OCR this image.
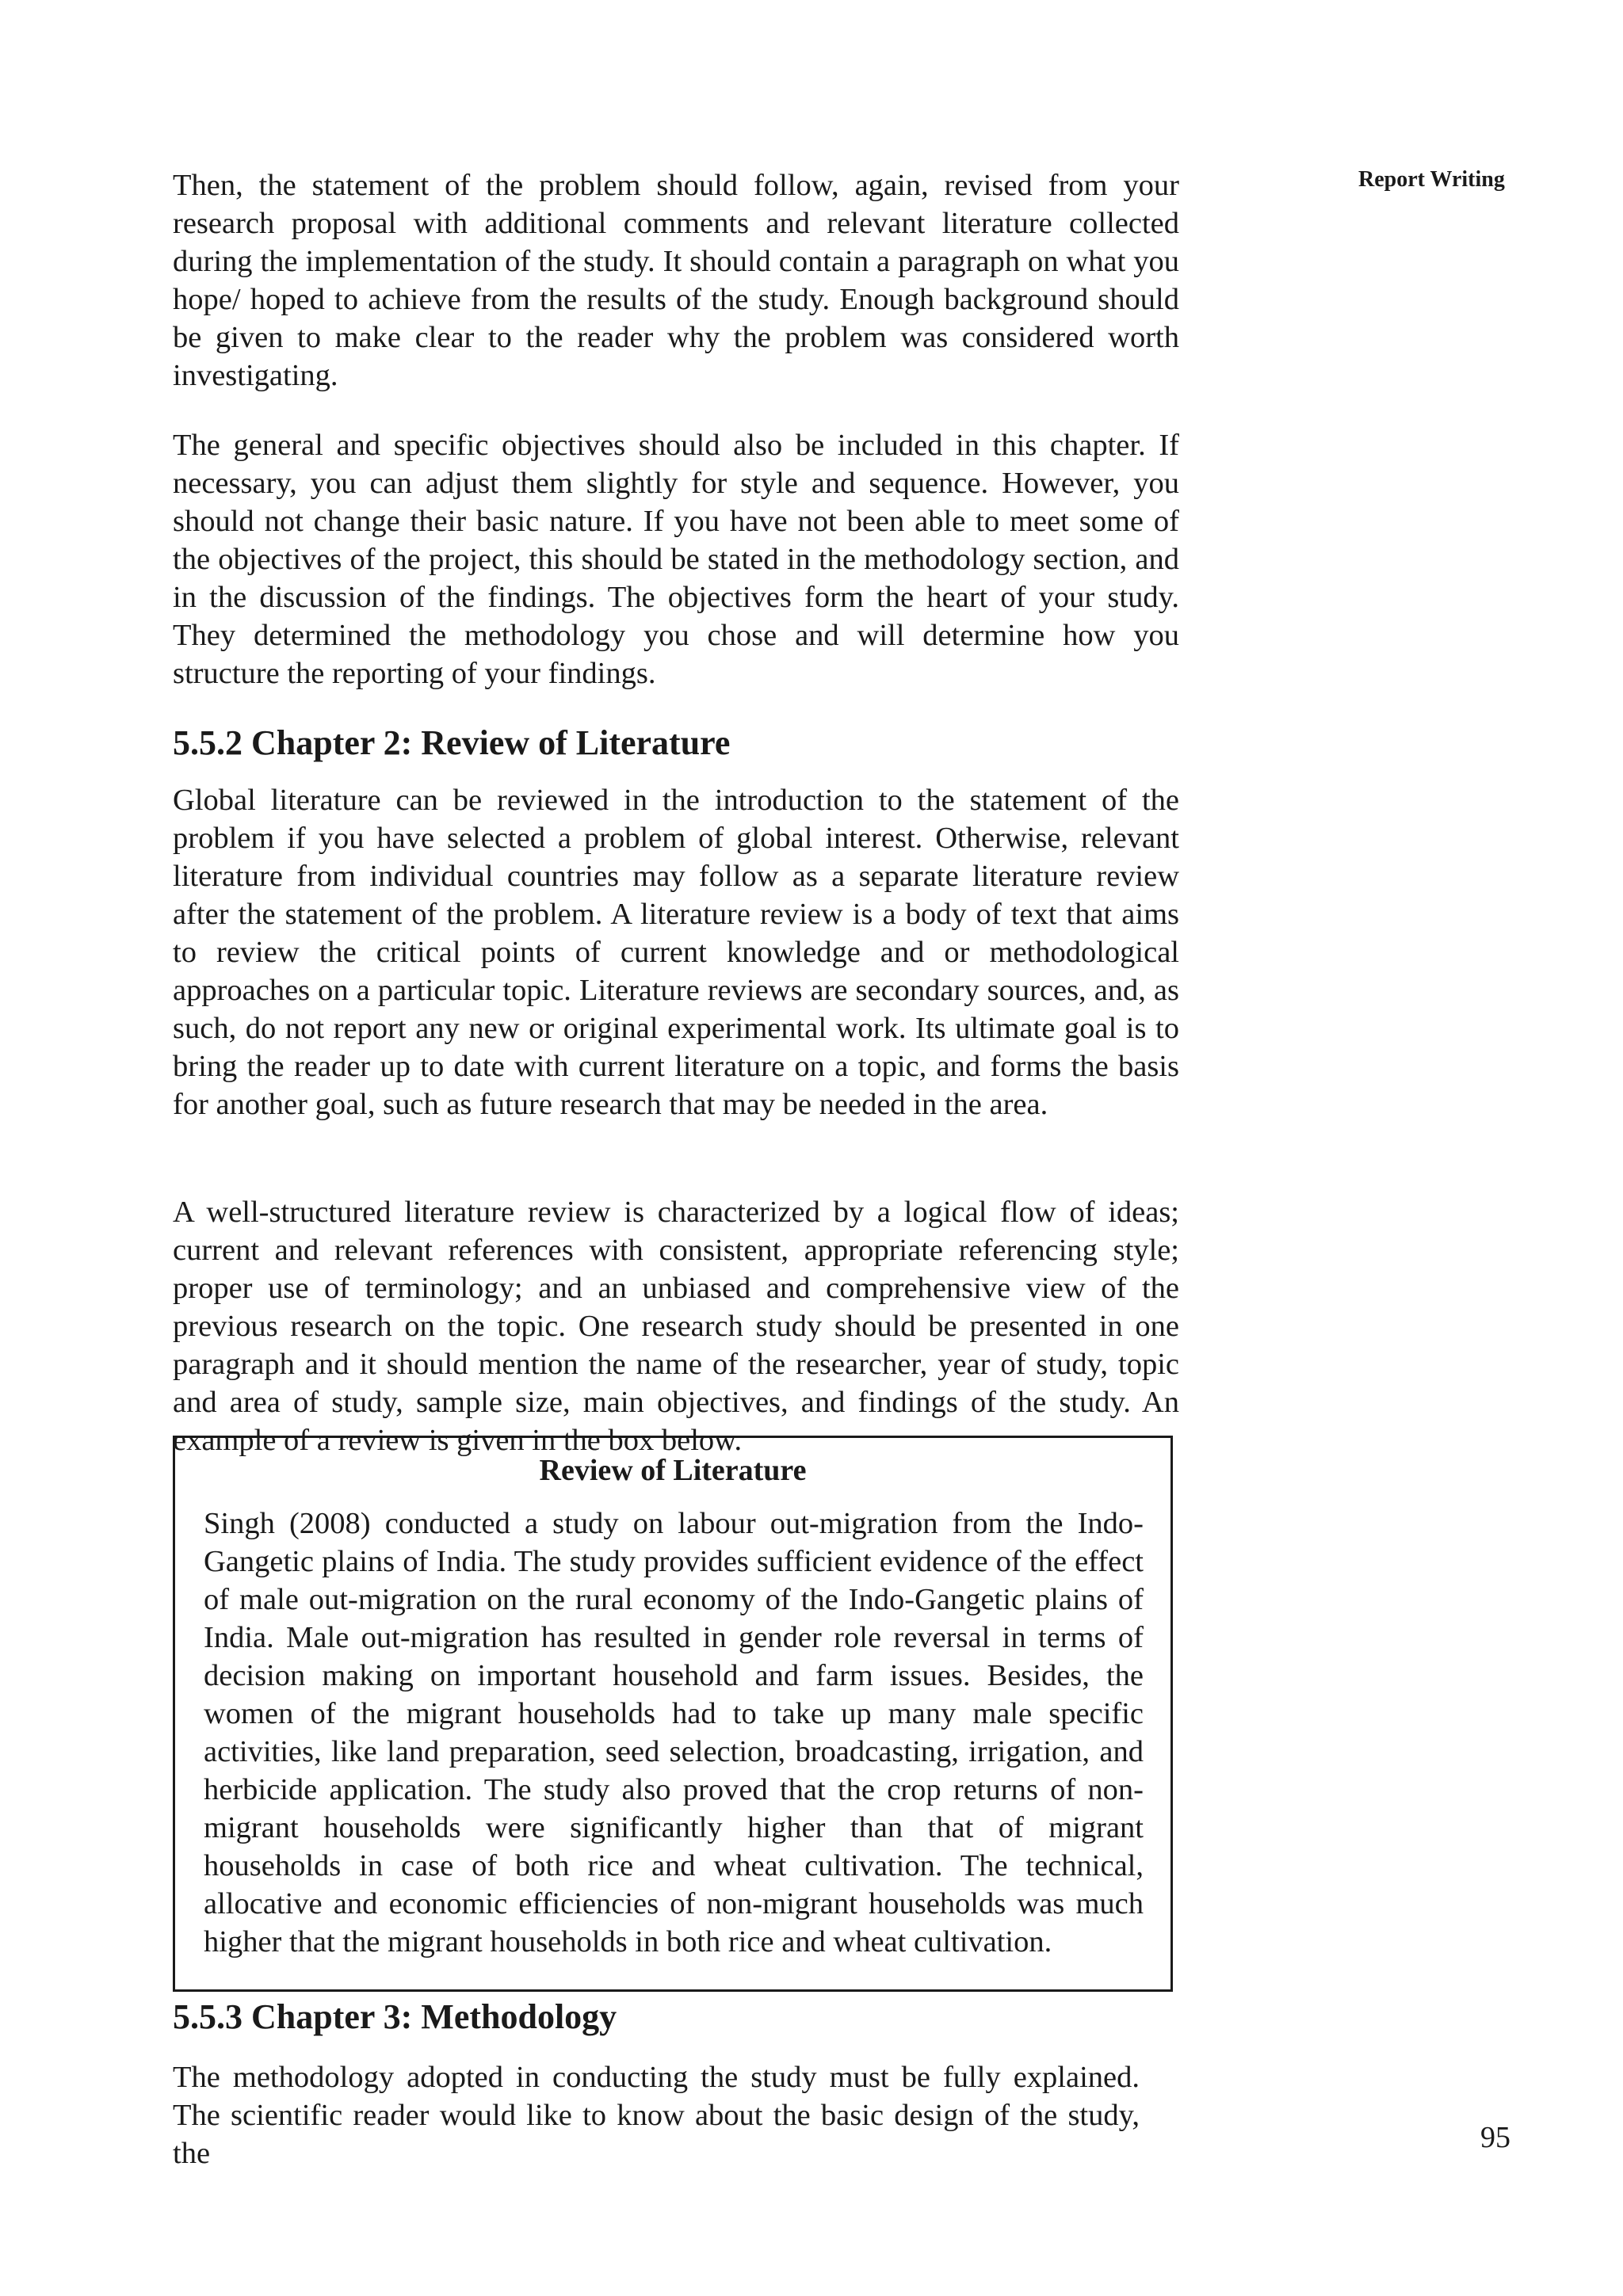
Report Writing

Then, the statement of the problem should follow, again, revised from your research proposal with additional comments and relevant literature collected during the implementation of the study. It should contain a paragraph on what you hope/ hoped to achieve from the results of the study. Enough background should be given to make clear to the reader why the problem was considered worth investigating.

The general and specific objectives should also be included in this chapter. If necessary, you can adjust them slightly for style and sequence. However, you should not change their basic nature. If you have not been able to meet some of the objectives of the project, this should be stated in the methodology section, and in the discussion of the findings. The objectives form the heart of your study. They determined the methodology you chose and will determine how you structure the reporting of your findings.

5.5.2 Chapter 2: Review of Literature

Global literature can be reviewed in the introduction to the statement of the problem if you have selected a problem of global interest. Otherwise, relevant literature from individual countries may follow as a separate literature review after the statement of the problem. A literature review is a body of text that aims to review the critical points of current knowledge and or methodological approaches on a particular topic. Literature reviews are secondary sources, and, as such, do not report any new or original experimental work. Its ultimate goal is to bring the reader up to date with current literature on a topic, and forms the basis for another goal, such as future research that may be needed in the area.

A well-structured literature review is characterized by a logical flow of ideas; current and relevant references with consistent, appropriate referencing style; proper use of terminology; and an unbiased and comprehensive view of the previous research on the topic. One research study should be presented in one paragraph and it should mention the name of the researcher, year of study, topic and area of study, sample size, main objectives, and findings of the study. An example of a review is given in the box below.

Review of Literature

Singh (2008) conducted a study on labour out-migration from the Indo-Gangetic plains of India. The study provides sufficient evidence of the effect of male out-migration on the rural economy of the Indo-Gangetic plains of India. Male out-migration has resulted in gender role reversal in terms of decision making on important household and farm issues. Besides, the women of the migrant households had to take up many male specific activities, like land preparation, seed selection, broadcasting, irrigation, and herbicide application. The study also proved that the crop returns of non-migrant households were significantly higher than that of migrant households in case of both rice and wheat cultivation. The technical, allocative and economic efficiencies of non-migrant households was much higher that the migrant households in both rice and wheat cultivation.

5.5.3 Chapter 3: Methodology

The methodology adopted in conducting the study must be fully explained. The scientific reader would like to know about the basic design of the study, the	95
